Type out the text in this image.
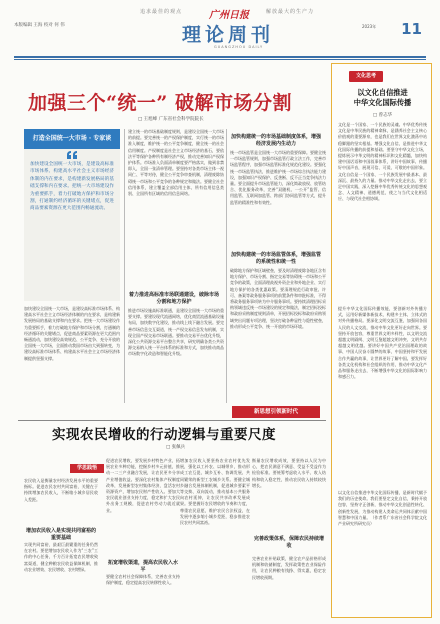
追求最佳的观点	广州日报	解放最大的生产力
本版编辑 王海 校对 何 伟	理论周刊
GUANGZHOU DAILY
2023年 11
加强三个“统一” 破解市场分割
□ 王旭峰 广东省社会科学院院长
打造全国统一大市场 · 专家谈
加快建设全国统一大市场，是建设高标准市场体系、构建高水平社会主义市场经济体制的内在要求，是构建新发展格局的基础支撑和内在要求。把统一大市场建设作为重要抓手，着力打破地方保护和市场分割，打通制约经济循环的关键堵点，促进商品要素资源在更大范围内畅通流动。
加快建设全国统一大市场，是建设高标准市场体系、构建高水平社会主义市场经济体制的内在要求，是构建新发展格局的基础支撑和内在要求。把统一大市场建设作为重要抓手，着力打破地方保护和市场分割，打通制约经济循环的关键堵点，促进商品要素资源在更大范围内畅通流动，加快建设高效规范、公平竞争、充分开放的全国统一大市场，全面推动我国市场由大到强转变，为建设高标准市场体系、构建高水平社会主义市场经济体制提供坚强支撑。
加快构建统一的市场基础制度体系，增强经济发展内生动力
着力推进高标准市场联通建设，破除市场分割和地方保护
加快构建统一的市场监管体系，增强监管的系统性和统一性
建立统一的市场基础制度规则，是建设全国统一大市场的前提。要完善统一的产权保护制度，实行统一的市场准入制度，维护统一的公平竞争制度，健全统一的社会信用制度。产权制度是社会主义市场经济的基石，要依法平等保护各种所有制经济产权，推动完善知识产权保护体系。市场准入负面清单制度要严格落实，做到非禁即入，全国一张清单管理。要坚持对各类市场主体一视同仁、平等对待，健全公平竞争审查机制，清理废除妨碍统一市场和公平竞争的各种规定和做法。要健全社会信用体系，建立覆盖全部信用主体、所有信用信息类别、全国所有区域的信用信息网络。
推进市场设施高标准联通，是建设全国统一大市场的重要支撑。要建设现代流通网络，优化商贸流通基础设施布局，加快数字化建设，推动线上线下融合发展。要完善市场信息交互渠道，统一产权交易信息发布机制，实现全国产权交易市场联通。要推动交易平台优化升级，深化公共资源交易平台整合共享，研究明确各类公共资源交易纳入统一平台体系的标准和方式，加快推动商品市场数字化改造和智能化升级。
统一市场监管是全国统一大市场的重要保障。要健全统一市场监管规则，加强市场监管行政立法工作，完善市场监管程序，加强市场监管标准化规范化建设。要强化统一市场监管执法，推进维护统一市场综合执法能力建设，加强知识产权保护、反垄断、反不正当竞争执法力量。要全面提升市场监管能力，深化简政放权、放管结合、优化服务改革，完善“双随机、一公开”监管、信用监管、互联网加监管、跨部门协同监管等方式，提升监管的精准性和有效性。
破除地方保护和区域壁垒，要及时清理废除各地区含有地方保护、市场分割、指定交易等妨碍统一市场和公平竞争的政策，全面清理歧视外资企业和外地企业、实行地方保护的各类优惠政策。要清理规范行政审批、许可、备案等政务服务事项的前置条件和审批标准，不得将政务服务事项转为中介服务事项。要持续清理招标采购领域违反统一市场建设的规定和做法，制定招标投标和政府采购制度规则清单，开展招标投标和政府采购领域突出问题专项治理，坚决打破各种显性与隐性壁垒，推动形成公平竞争、统一开放的市场环境。
新思想引领新时代
实现农民增收的行动逻辑与重要尺度
□ 张佩兵
学思践悟
增加农民收入是实现共同富裕的重要基础
拓宽增收渠道，提高农民收入水平
完善政策体系，保障农民持续增收
农民收入是衡量农村经济发展水平的重要指标。促进农民农村共同富裕，关键在于持续增加农民收入，不断缩小城乡居民收入差距。
实现共同富裕，最艰巨最繁重的任务仍然在农村。要把增加农民收入作为“三农”工作的中心任务，千方百计拓宽农民增收致富渠道，健全种粮农民收益保障机制，推动农业增效、农民增收、农村增绿。
促进农民增收，要发展乡村特色产业，拓展农业多种功能，挖掘乡村多元价值，推动一二三产业融合发展，让农民更多分享产业增值收益。要深化农村集体产权制度改革，发展新型农村集体经济，盘活农村资源资产，增加农民财产性收入。要加大农民就业创业支持力度，稳定和扩大农民外出务工规模，促进农村劳动力就近就业。
要健全农村社会保障体系，完善农业支持保护制度，稳定提高农民转移性收入。
增加农民收入要坚持农业农村优先发展，强化以工补农、以城带乡，推动形成工农互促、城乡互补、协调发展、共同繁荣的新型工农城乡关系。要健全城乡融合发展体制机制，促进城乡要素平等交换、双向流动，推动基本公共服务向农村延伸，让农民共享改革发展成果。要把握好农民增收的节奏和力度，尊重农民意愿，维护农民合法权益，在发展中逐步缩小城乡差距，稳步推进农民农村共同富裕。
衡量农民增收成效，要坚持以人民为中心，把农民满意不满意、受益不受益作为检验标准。要统筹考虑收入水平、收入结构和收入稳定性，推动农民收入持续较快增长。
完善农业补贴政策，健全农产品价格形成机制和收储制度，发挥政策性农业保险作用，让农民种粮有钱挣、得实惠，稳定农民增收预期。
文化思考
以文化自信推进
中华文化国际传播
□ 曾志华
文化是一个国家、一个民族的灵魂。中华优秀传统文化是中华民族的精神命脉，是涵养社会主义核心价值观的重要源泉，也是我们在世界文化激荡中站稳脚跟的坚实根基。增强文化自信，是推进中华文化国际传播的前提和基础。要坚守中华文化立场，提炼展示中华文明的精神标识和文化精髓，加快构建中国话语和中国叙事体系，讲好中国故事、传播好中国声音，展现可信、可爱、可敬的中国形象。文化自信是一个国家、一个民族发展中最基本、最深沉、最持久的力量。推动中华文化走出去，要立足中国实践，深入挖掘中华优秀传统文化的思想观念、人文精神、道德规范，使之与当代文化相适应、与现代社会相协调。
提升中华文化国际传播效能，要创新对外传播方式，运用好新媒体新技术，构建多主体、立体式的对外传播格局。要深化文明交流互鉴，加强同各国人民的人文交流，推动中华文化更好走向世界。要坚持开放包容，尊重世界文明多样性，以文明交流超越文明隔阂、文明互鉴超越文明冲突、文明共存超越文明优越。要讲好中国共产党治国理政的故事、中国人民奋斗圆梦的故事、中国坚持和平发展合作共赢的故事，让世界更好了解中国。要发挥好各类文化机构和社会组织的作用，推动中华文化产品和服务走出去，不断增强中华文化的国际影响力和感召力。
以文化自信推进中华文化国际传播，是新时代赋予我们的历史使命。我们要坚定文化自信，秉持开放包容，坚持守正创新，推动中华文化创造性转化、创新性发展，为推动构建人类命运共同体贡献中国智慧和中国力量。（作者系广东省社会科学院文化产业研究所研究员）
